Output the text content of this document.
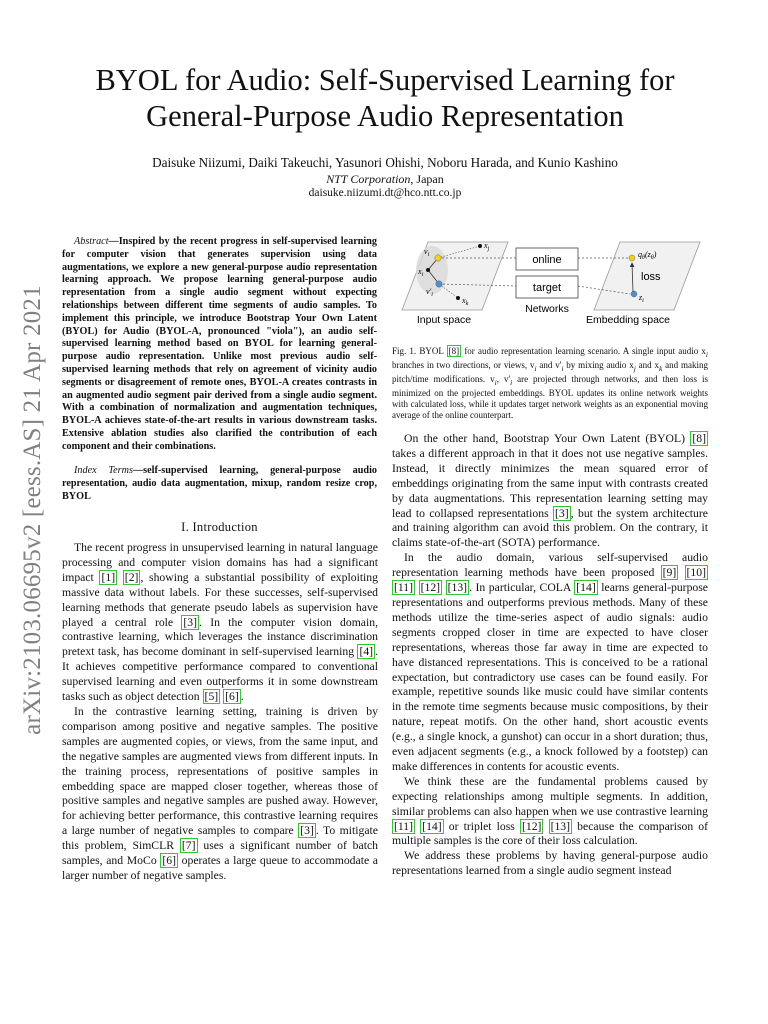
arXiv:2103.06695v2 [eess.AS] 21 Apr 2021
BYOL for Audio: Self-Supervised Learning for General-Purpose Audio Representation
Daisuke Niizumi, Daiki Takeuchi, Yasunori Ohishi, Noboru Harada, and Kunio Kashino
NTT Corporation, Japan
daisuke.niizumi.dt@hco.ntt.co.jp
Abstract—Inspired by the recent progress in self-supervised learning for computer vision that generates supervision using data augmentations, we explore a new general-purpose audio representation learning approach. We propose learning general-purpose audio representation from a single audio segment without expecting relationships between different time segments of audio samples. To implement this principle, we introduce Bootstrap Your Own Latent (BYOL) for Audio (BYOL-A, pronounced "viola"), an audio self-supervised learning method based on BYOL for learning general-purpose audio representation. Unlike most previous audio self-supervised learning methods that rely on agreement of vicinity audio segments or disagreement of remote ones, BYOL-A creates contrasts in an augmented audio segment pair derived from a single audio segment. With a combination of normalization and augmentation techniques, BYOL-A achieves state-of-the-art results in various downstream tasks. Extensive ablation studies also clarified the contribution of each component and their combinations.
Index Terms—self-supervised learning, general-purpose audio representation, audio data augmentation, mixup, random resize crop, BYOL
I. Introduction

The recent progress in unsupervised learning in natural language processing and computer vision domains has had a significant impact [1] [2] , showing a substantial possibility of exploiting massive data without labels. For these successes, self-supervised learning methods that generate pseudo labels as supervision have played a central role [3] . In the computer vision domain, contrastive learning, which leverages the instance discrimination pretext task, has become dominant in self-supervised learning [4] . It achieves competitive performance compared to conventional supervised learning and even outperforms it in some downstream tasks such as object detection [5] [6] .

In the contrastive learning setting, training is driven by comparison among positive and negative samples. The positive samples are augmented copies, or views, from the same input, and the negative samples are augmented views from different inputs. In the training process, representations of positive samples in embedding space are mapped closer together, whereas those of positive samples and negative samples are pushed away. However, for achieving better performance, this contrastive learning requires a large number of negative samples to compare [3] . To mitigate this problem, SimCLR [7] uses a significant number of batch samples, and MoCo [6] operates a large queue to accommodate a larger number of negative samples.

online
target
Networks
Input space	Embedding space
loss
$v_i$
$v'_i$
$x_i$
$x_j$
$x_k$
$q_\theta(z_\theta)$
$z_i$
Fig. 1. BYOL [8] for audio representation learning scenario. A single input audio $x_i$ branches in two directions, or views, $v_i$ and $v'_i$ by mixing audio $x_j$ and $x_k$ and making pitch/time modifications. $v_i$, $v'_i$ are projected through networks, and then loss is minimized on the projected embeddings. BYOL updates its online network weights with calculated loss, while it updates target network weights as an exponential moving average of the online counterpart.

On the other hand, Bootstrap Your Own Latent (BYOL) [8] takes a different approach in that it does not use negative samples. Instead, it directly minimizes the mean squared error of embeddings originating from the same input with contrasts created by data augmentations. This representation learning setting may lead to collapsed representations [3] , but the system architecture and training algorithm can avoid this problem. On the contrary, it claims state-of-the-art (SOTA) performance.

In the audio domain, various self-supervised audio representation learning methods have been proposed [9] [10] [11] [12] [13] . In particular, COLA [14] learns general-purpose representations and outperforms previous methods. Many of these methods utilize the time-series aspect of audio signals: audio segments cropped closer in time are expected to have closer representations, whereas those far away in time are expected to have distanced representations. This is conceived to be a rational expectation, but contradictory use cases can be found easily. For example, repetitive sounds like music could have similar contents in the remote time segments because music compositions, by their nature, repeat motifs. On the other hand, short acoustic events (e.g., a single knock, a gunshot) can occur in a short duration; thus, even adjacent segments (e.g., a knock followed by a footstep) can make differences in contents for acoustic events.

We think these are the fundamental problems caused by expecting relationships among multiple segments. In addition, similar problems can also happen when we use contrastive learning [11] [14] or triplet loss [12] [13] because the comparison of multiple samples is the core of their loss calculation.

We address these problems by having general-purpose audio representations learned from a single audio segment instead
